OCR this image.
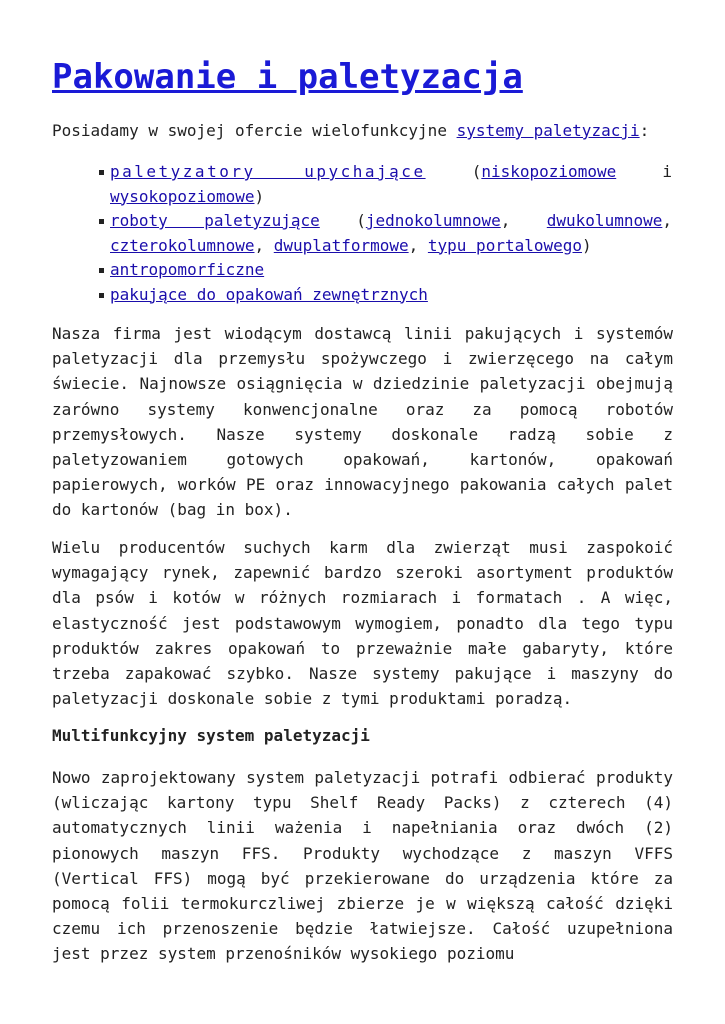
Pakowanie i paletyzacja

Posiadamy w swojej ofercie wielofunkcyjne systemy paletyzacji:

paletyzatory upychające (niskopoziomowe i wysokopoziomowe)
roboty paletyzujące (jednokolumnowe, dwukolumnowe, czterokolumnowe, dwuplatformowe, typu portalowego)
antropomorficzne
pakujące do opakowań zewnętrznych

Nasza firma jest wiodącym dostawcą linii pakujących i systemów paletyzacji dla przemysłu spożywczego i zwierzęcego na całym świecie. Najnowsze osiągnięcia w dziedzinie paletyzacji obejmują zarówno systemy konwencjonalne oraz za pomocą robotów przemysłowych. Nasze systemy doskonale radzą sobie z paletyzowaniem gotowych opakowań, kartonów, opakowań papierowych, worków PE oraz innowacyjnego pakowania całych palet do kartonów (bag in box).

Wielu producentów suchych karm dla zwierząt musi zaspokoić wymagający rynek, zapewnić bardzo szeroki asortyment produktów dla psów i kotów w różnych rozmiarach i formatach . A więc, elastyczność jest podstawowym wymogiem, ponadto dla tego typu produktów zakres opakowań to przeważnie małe gabaryty, które trzeba zapakować szybko. Nasze systemy pakujące i maszyny do paletyzacji doskonale sobie z tymi produktami poradzą.

Multifunkcyjny system paletyzacji

Nowo zaprojektowany system paletyzacji potrafi odbierać produkty (wliczając kartony typu Shelf Ready Packs) z czterech (4) automatycznych linii ważenia i napełniania oraz dwóch (2) pionowych maszyn FFS. Produkty wychodzące z maszyn VFFS (Vertical FFS) mogą być przekierowane do urządzenia które za pomocą folii termokurczliwej zbierze je w większą całość dzięki czemu ich przenoszenie będzie łatwiejsze. Całość uzupełniona jest przez system przenośników wysokiego poziomu
